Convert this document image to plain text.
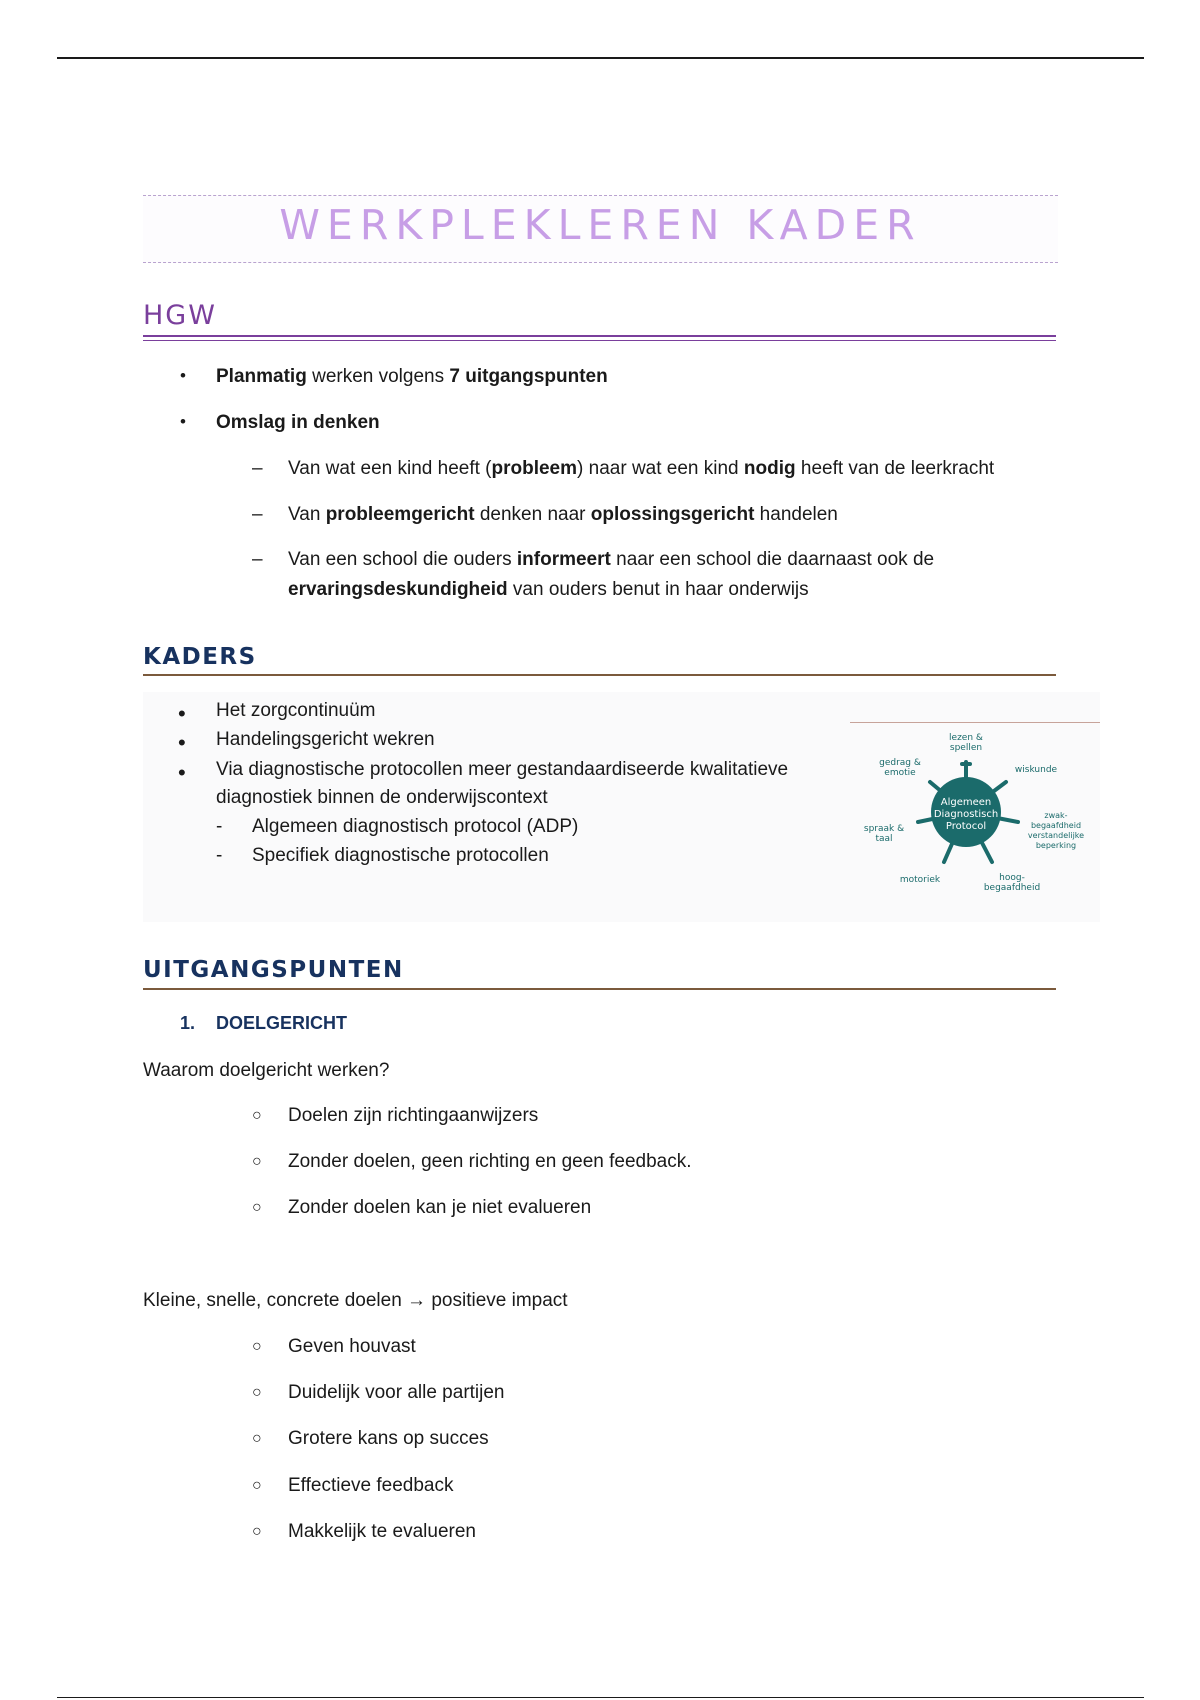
WERKPLEKLEREN KADER
HGW
• Planmatig werken volgens 7 uitgangspunten
• Omslag in denken
– Van wat een kind heeft (probleem) naar wat een kind nodig heeft van de leerkracht
– Van probleemgericht denken naar oplossingsgericht handelen
– Van een school die ouders informeert naar een school die daarnaast ook de
ervaringsdeskundigheid van ouders benut in haar onderwijs
KADERS
• Het zorgcontinuüm
• Handelingsgericht wekren
• Via diagnostische protocollen meer gestandaardiseerde kwalitatieve
diagnostiek binnen de onderwijscontext
- Algemeen diagnostisch protocol (ADP)
- Specifiek diagnostische protocollen
Algemeen
Diagnostisch
Protocol
lezen &
spellen
gedrag &
emotie	wiskunde
spraak &
taal
zwak-
begaafdheid
verstandelijke
beperking
motoriek	hoog-
begaafdheid
UITGANGSPUNTEN
1. DOELGERICHT
Waarom doelgericht werken?
○ Doelen zijn richtingaanwijzers
○ Zonder doelen, geen richting en geen feedback.
○ Zonder doelen kan je niet evalueren
Kleine, snelle, concrete doelen → positieve impact
○ Geven houvast
○ Duidelijk voor alle partijen
○ Grotere kans op succes
○ Effectieve feedback
○ Makkelijk te evalueren
